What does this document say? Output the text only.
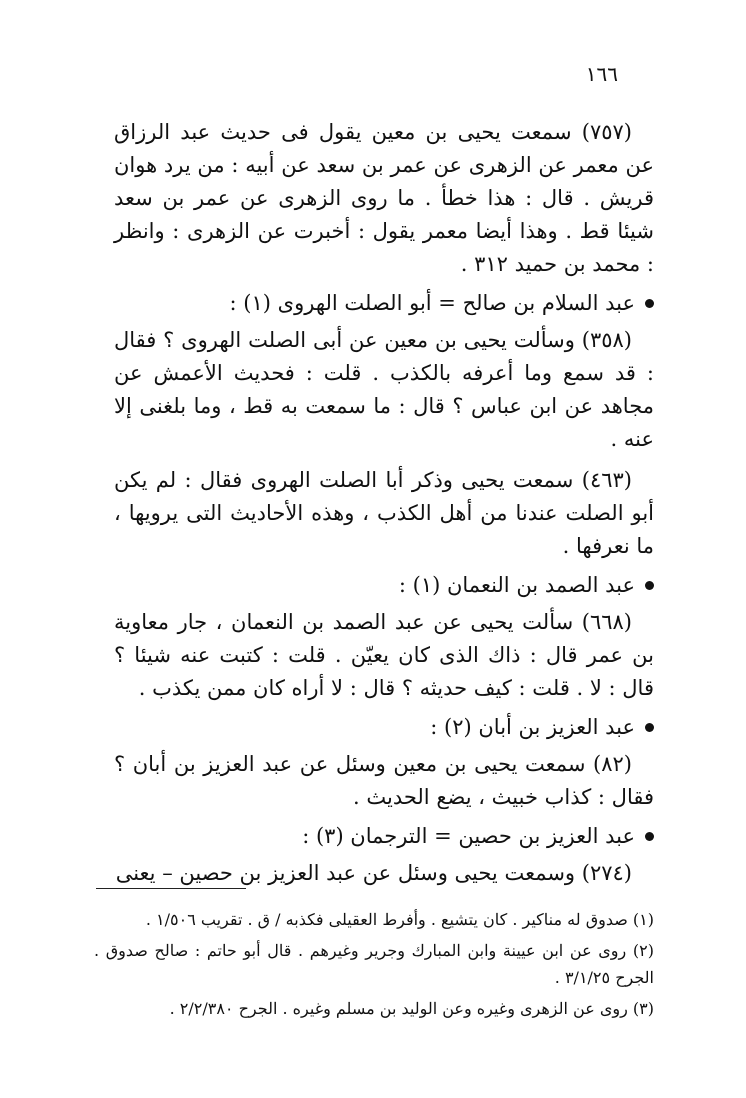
١٦٦

(٧٥٧) سمعت يحيى بن معين يقول فى حديث عبد الرزاق عن معمر عن الزهرى عن عمر بن سعد عن أبيه : من يرد هوان قريش . قال : هذا خطأ . ما روى الزهرى عن عمر بن سعد شيئا قط . وهذا أيضا معمر يقول : أخبرت عن الزهرى : وانظر : محمد بن حميد ٣١٢ .

عبد السلام بن صالح = أبو الصلت الهروى (١) :

(٣٥٨) وسألت يحيى بن معين عن أبى الصلت الهروى ؟ فقال : قد سمع وما أعرفه بالكذب . قلت : فحديث الأعمش عن مجاهد عن ابن عباس ؟ قال : ما سمعت به قط ، وما بلغنى إلا عنه .

(٤٦٣) سمعت يحيى وذكر أبا الصلت الهروى فقال : لم يكن أبو الصلت عندنا من أهل الكذب ، وهذه الأحاديث التى يرويها ، ما نعرفها .

عبد الصمد بن النعمان (١) :

(٦٦٨) سألت يحيى عن عبد الصمد بن النعمان ، جار معاوية بن عمر قال : ذاك الذى كان يعيّن . قلت : كتبت عنه شيئا ؟ قال : لا . قلت : كيف حديثه ؟ قال : لا أراه كان ممن يكذب .

عبد العزيز بن أبان (٢) :

(٨٢) سمعت يحيى بن معين وسئل عن عبد العزيز بن أبان ؟ فقال : كذاب خبيث ، يضع الحديث .

عبد العزيز بن حصين = الترجمان (٣) :

(٢٧٤) وسمعت يحيى وسئل عن عبد العزيز بن حصين – يعنى

(١) صدوق له مناكير . كان يتشيع . وأفرط العقيلى فكذبه / ق . تقريب ١/٥٠٦ .

(٢) روى عن ابن عيينة وابن المبارك وجرير وغيرهم . قال أبو حاتم : صالح صدوق . الجرح ٣/١/٢٥ .

(٣) روى عن الزهرى وغيره وعن الوليد بن مسلم وغيره . الجرح ٢/٢/٣٨٠ .
